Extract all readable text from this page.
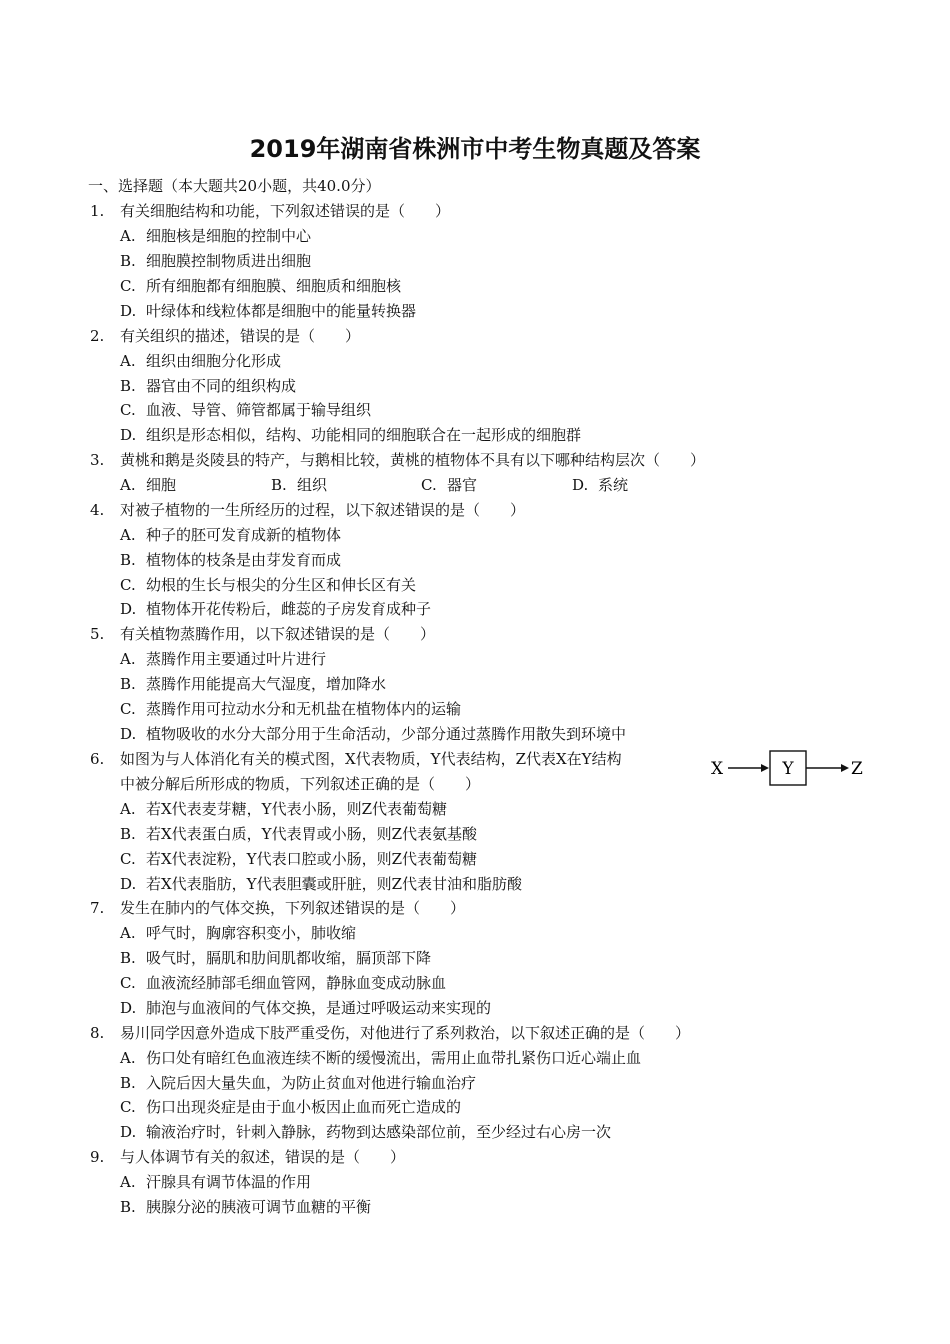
2019年湖南省株洲市中考生物真题及答案
一、选择题（本大题共20小题，共40.0分）
1. 有关细胞结构和功能，下列叙述错误的是（　　）
A. 细胞核是细胞的控制中心
B. 细胞膜控制物质进出细胞
C. 所有细胞都有细胞膜、细胞质和细胞核
D. 叶绿体和线粒体都是细胞中的能量转换器
2. 有关组织的描述，错误的是（　　）
A. 组织由细胞分化形成
B. 器官由不同的组织构成
C. 血液、导管、筛管都属于输导组织
D. 组织是形态相似，结构、功能相同的细胞联合在一起形成的细胞群
3. 黄桃和鹅是炎陵县的特产，与鹅相比较，黄桃的植物体不具有以下哪种结构层次（　　）
A. 细胞	B. 组织	C. 器官	D. 系统
4. 对被子植物的一生所经历的过程，以下叙述错误的是（　　）
A. 种子的胚可发育成新的植物体
B. 植物体的枝条是由芽发育而成
C. 幼根的生长与根尖的分生区和伸长区有关
D. 植物体开花传粉后，雌蕊的子房发育成种子
5. 有关植物蒸腾作用，以下叙述错误的是（　　）
A. 蒸腾作用主要通过叶片进行
B. 蒸腾作用能提高大气湿度，增加降水
C. 蒸腾作用可拉动水分和无机盐在植物体内的运输
D. 植物吸收的水分大部分用于生命活动，少部分通过蒸腾作用散失到环境中
6. 如图为与人体消化有关的模式图，X代表物质，Y代表结构，Z代表X在Y结构
中被分解后所形成的物质，下列叙述正确的是（　　）
X	Y	Z
A. 若X代表麦芽糖，Y代表小肠，则Z代表葡萄糖
B. 若X代表蛋白质，Y代表胃或小肠，则Z代表氨基酸
C. 若X代表淀粉，Y代表口腔或小肠，则Z代表葡萄糖
D. 若X代表脂肪，Y代表胆囊或肝脏，则Z代表甘油和脂肪酸
7. 发生在肺内的气体交换，下列叙述错误的是（　　）
A. 呼气时，胸廓容积变小，肺收缩
B. 吸气时，膈肌和肋间肌都收缩，膈顶部下降
C. 血液流经肺部毛细血管网，静脉血变成动脉血
D. 肺泡与血液间的气体交换，是通过呼吸运动来实现的
8. 易川同学因意外造成下肢严重受伤，对他进行了系列救治，以下叙述正确的是（　　）
A. 伤口处有暗红色血液连续不断的缓慢流出，需用止血带扎紧伤口近心端止血
B. 入院后因大量失血，为防止贫血对他进行输血治疗
C. 伤口出现炎症是由于血小板因止血而死亡造成的
D. 输液治疗时，针刺入静脉，药物到达感染部位前，至少经过右心房一次
9. 与人体调节有关的叙述，错误的是（　　）
A. 汗腺具有调节体温的作用
B. 胰腺分泌的胰液可调节血糖的平衡
